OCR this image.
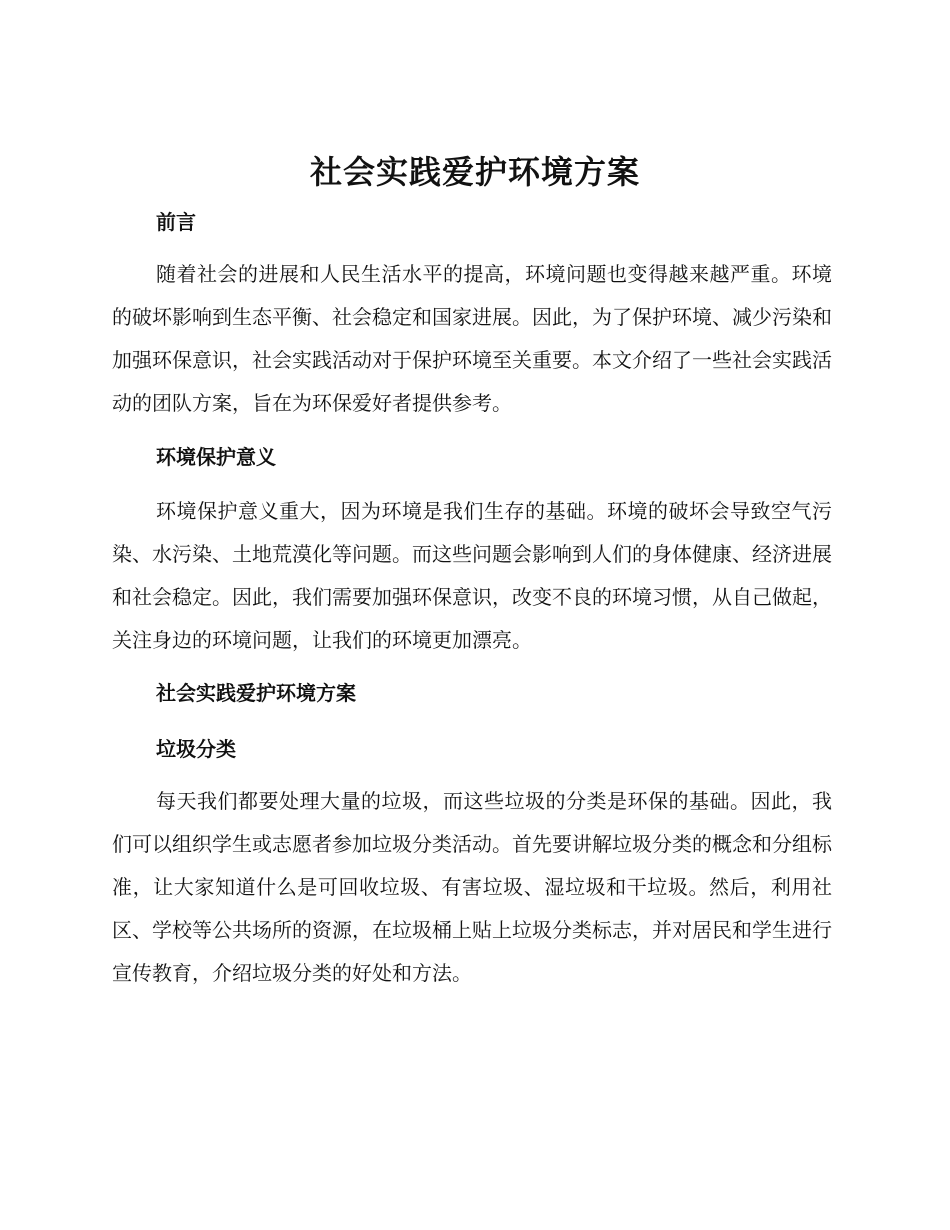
社会实践爱护环境方案
前言

随着社会的进展和人民生活水平的提高，环境问题也变得越来越严重。环境的破坏影响到生态平衡、社会稳定和国家进展。因此，为了保护环境、减少污染和加强环保意识，社会实践活动对于保护环境至关重要。本文介绍了一些社会实践活动的团队方案，旨在为环保爱好者提供参考。

环境保护意义

环境保护意义重大，因为环境是我们生存的基础。环境的破坏会导致空气污染、水污染、土地荒漠化等问题。而这些问题会影响到人们的身体健康、经济进展和社会稳定。因此，我们需要加强环保意识，改变不良的环境习惯，从自己做起，关注身边的环境问题，让我们的环境更加漂亮。

社会实践爱护环境方案
垃圾分类

每天我们都要处理大量的垃圾，而这些垃圾的分类是环保的基础。因此，我们可以组织学生或志愿者参加垃圾分类活动。首先要讲解垃圾分类的概念和分组标准，让大家知道什么是可回收垃圾、有害垃圾、湿垃圾和干垃圾。然后，利用社区、学校等公共场所的资源，在垃圾桶上贴上垃圾分类标志，并对居民和学生进行宣传教育，介绍垃圾分类的好处和方法。
